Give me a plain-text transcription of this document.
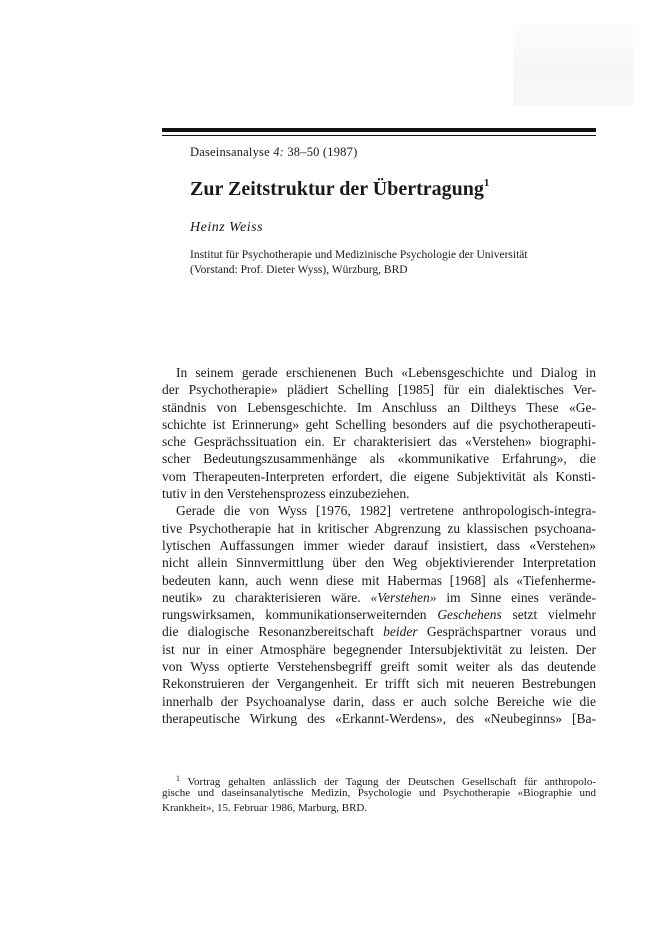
Daseinsanalyse 4: 38–50 (1987)
Zur Zeitstruktur der Übertragung$^1$
Heinz Weiss
Institut für Psychotherapie und Medizinische Psychologie der Universität
(Vorstand: Prof. Dieter Wyss), Würzburg, BRD
In seinem gerade erschienenen Buch «Lebensgeschichte und Dialog in
der Psychotherapie» plädiert Schelling [1985] für ein dialektisches Ver-
ständnis von Lebensgeschichte. Im Anschluss an Diltheys These «Ge-
schichte ist Erinnerung» geht Schelling besonders auf die psychotherapeuti-
sche Gesprächssituation ein. Er charakterisiert das «Verstehen» biographi-
scher Bedeutungszusammenhänge als «kommunikative Erfahrung», die
vom Therapeuten-Interpreten erfordert, die eigene Subjektivität als Konsti-
tutiv in den Verstehensprozess einzubeziehen.
Gerade die von Wyss [1976, 1982] vertretene anthropologisch-integra-
tive Psychotherapie hat in kritischer Abgrenzung zu klassischen psychoana-
lytischen Auffassungen immer wieder darauf insistiert, dass «Verstehen»
nicht allein Sinnvermittlung über den Weg objektivierender Interpretation
bedeuten kann, auch wenn diese mit Habermas [1968] als «Tiefenherme-
neutik» zu charakterisieren wäre. «Verstehen» im Sinne eines verände-
rungswirksamen, kommunikationserweiternden Geschehens setzt vielmehr
die dialogische Resonanzbereitschaft beider Gesprächspartner voraus und
ist nur in einer Atmosphäre begegnender Intersubjektivität zu leisten. Der
von Wyss optierte Verstehensbegriff greift somit weiter als das deutende
Rekonstruieren der Vergangenheit. Er trifft sich mit neueren Bestrebungen
innerhalb der Psychoanalyse darin, dass er auch solche Bereiche wie die
therapeutische Wirkung des «Erkannt-Werdens», des «Neubeginns» [Ba-
$^1$ Vortrag gehalten anlässlich der Tagung der Deutschen Gesellschaft für anthropolo-
gische und daseinsanalytische Medizin, Psychologie und Psychotherapie «Biographie und
Krankheit», 15. Februar 1986, Marburg, BRD.
